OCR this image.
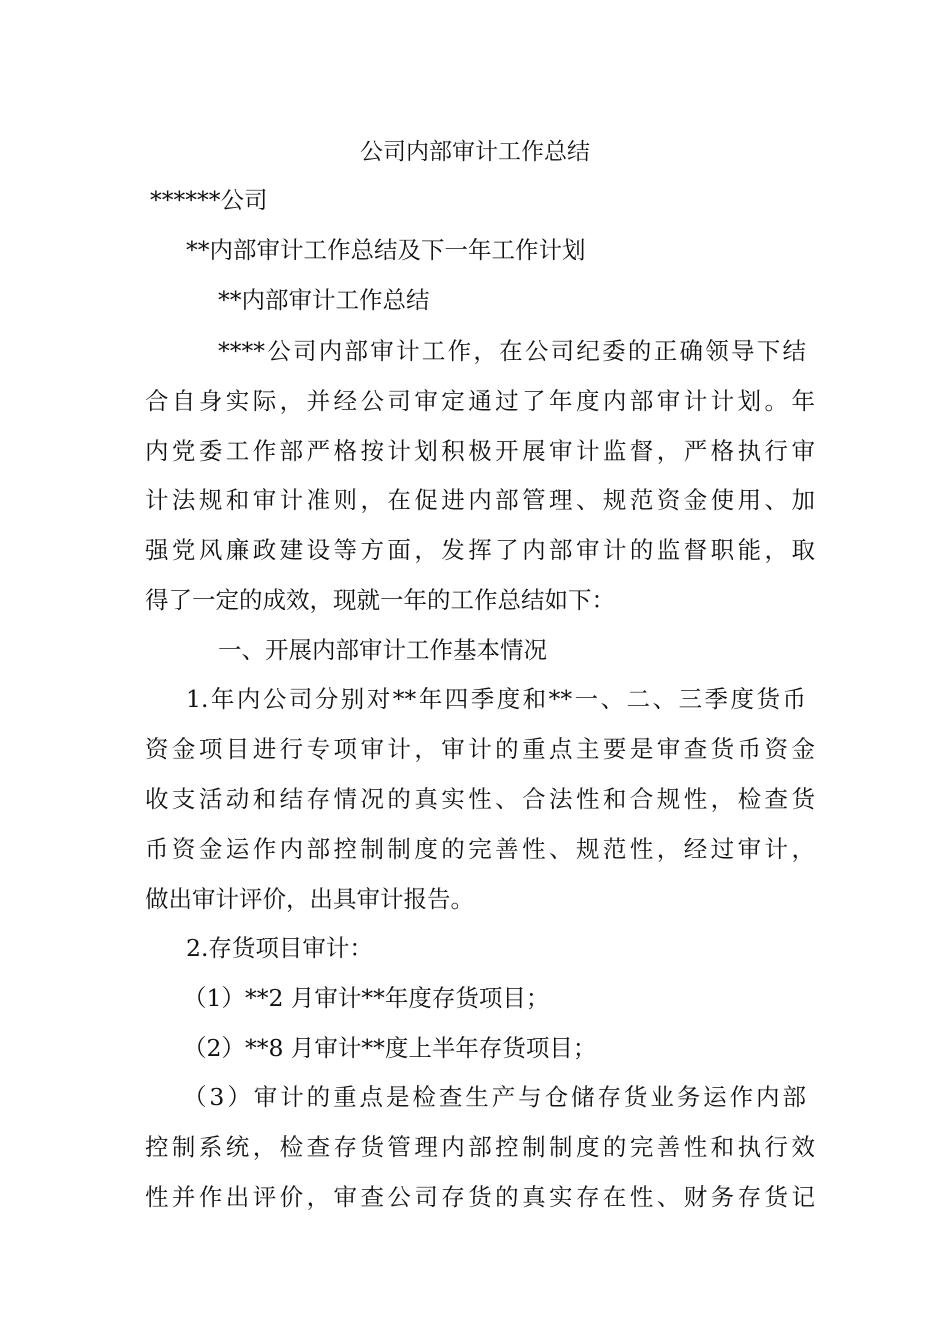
公司内部审计工作总结
******公司
**内部审计工作总结及下一年工作计划
**内部审计工作总结
****公司内部审计工作，在公司纪委的正确领导下结
合自身实际，并经公司审定通过了年度内部审计计划。年
内党委工作部严格按计划积极开展审计监督，严格执行审
计法规和审计准则，在促进内部管理、规范资金使用、加
强党风廉政建设等方面，发挥了内部审计的监督职能，取
得了一定的成效，现就一年的工作总结如下：
一、开展内部审计工作基本情况
1.年内公司分别对**年四季度和**一、二、三季度货币
资金项目进行专项审计，审计的重点主要是审查货币资金
收支活动和结存情况的真实性、合法性和合规性，检查货
币资金运作内部控制制度的完善性、规范性，经过审计，
做出审计评价，出具审计报告。
2.存货项目审计：
（1）**2 月审计**年度存货项目；
（2）**8 月审计**度上半年存货项目；
（3）审计的重点是检查生产与仓储存货业务运作内部
控制系统，检查存货管理内部控制制度的完善性和执行效
性并作出评价，审查公司存货的真实存在性、财务存货记
